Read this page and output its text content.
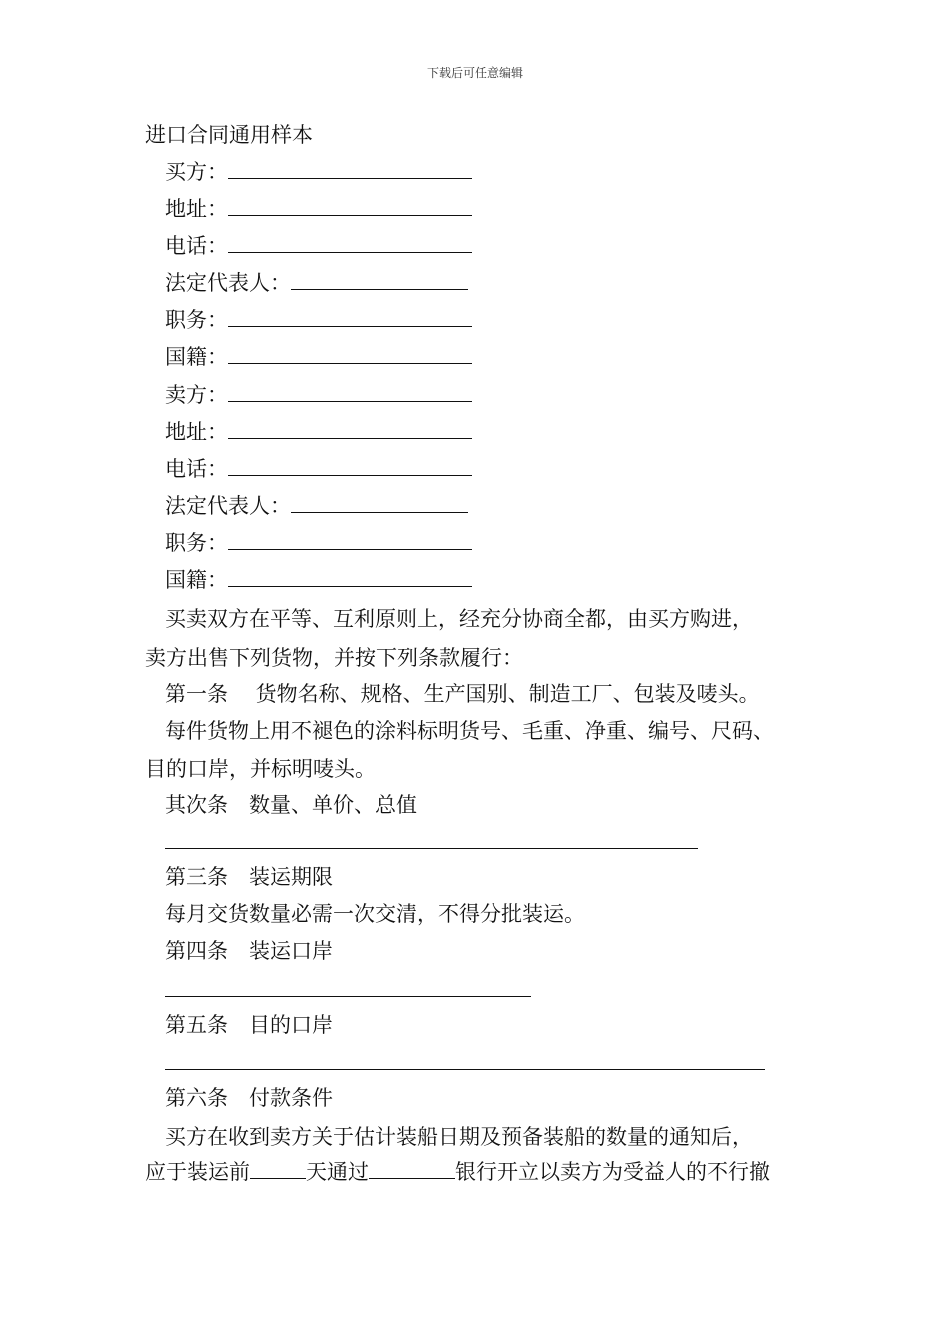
下载后可任意编辑
进口合同通用样本
买方：
地址：
电话：
法定代表人：
职务：
国籍：
卖方：
地址：
电话：
法定代表人：
职务：
国籍：
买卖双方在平等、互利原则上，经充分协商全都，由买方购进，
卖方出售下列货物，并按下列条款履行：
第一条　 货物名称、规格、生产国别、制造工厂、包装及唛头。
每件货物上用不褪色的涂料标明货号、毛重、净重、编号、尺码、
目的口岸，并标明唛头。
其次条　数量、单价、总值
第三条　装运期限
每月交货数量必需一次交清，不得分批装运。
第四条　装运口岸
第五条　目的口岸
第六条　付款条件
买方在收到卖方关于估计装船日期及预备装船的数量的通知后，
应于装运前	天通过	银行开立以卖方为受益人的不行撤
